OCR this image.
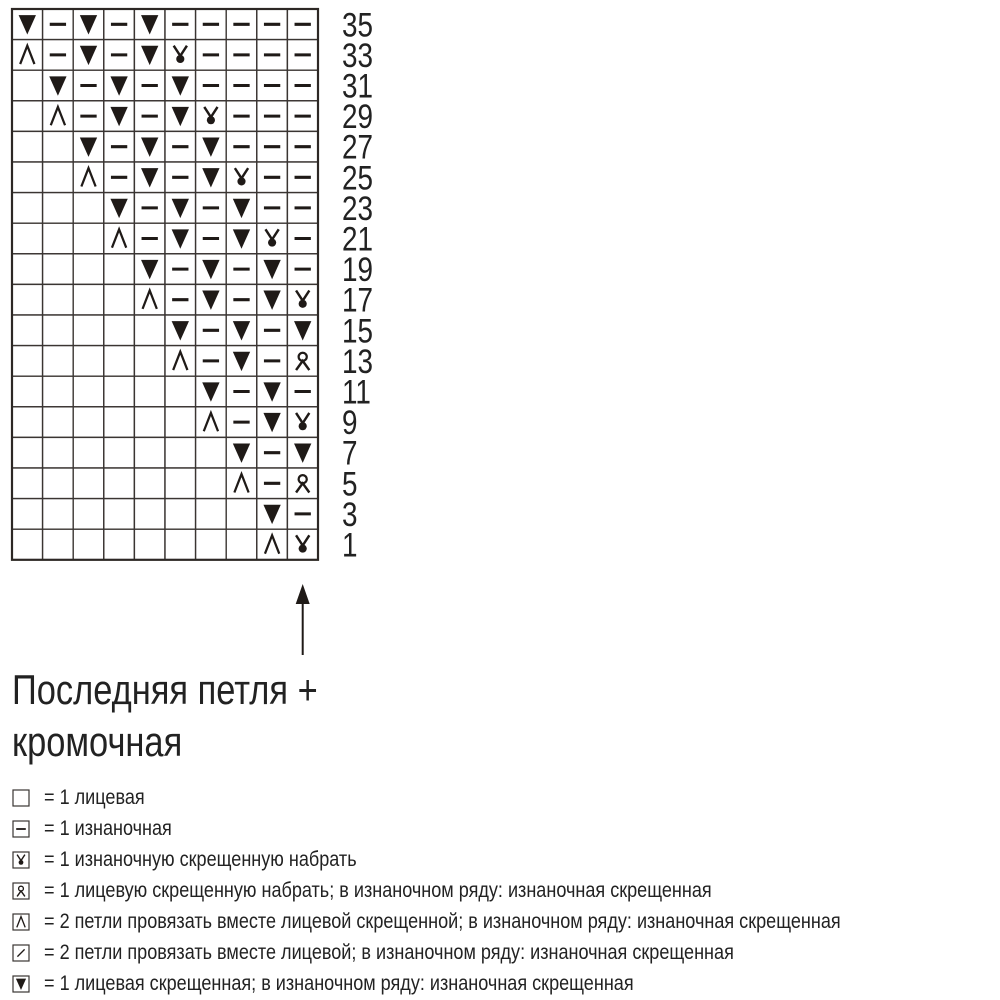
35
33
31
29
27
25
23
21
19
17
15
13
11
9
7
5
3
1
Последняя петля +
кромочная
= 1 лицевая
= 1 изнаночная
= 1 изнаночную скрещенную набрать
= 1 лицевую скрещенную набрать; в изнаночном ряду: изнаночная скрещенная
= 2 петли провязать вместе лицевой скрещенной; в изнаночном ряду: изнаночная скрещенная
= 2 петли провязать вместе лицевой; в изнаночном ряду: изнаночная скрещенная
= 1 лицевая скрещенная; в изнаночном ряду: изнаночная скрещенная
